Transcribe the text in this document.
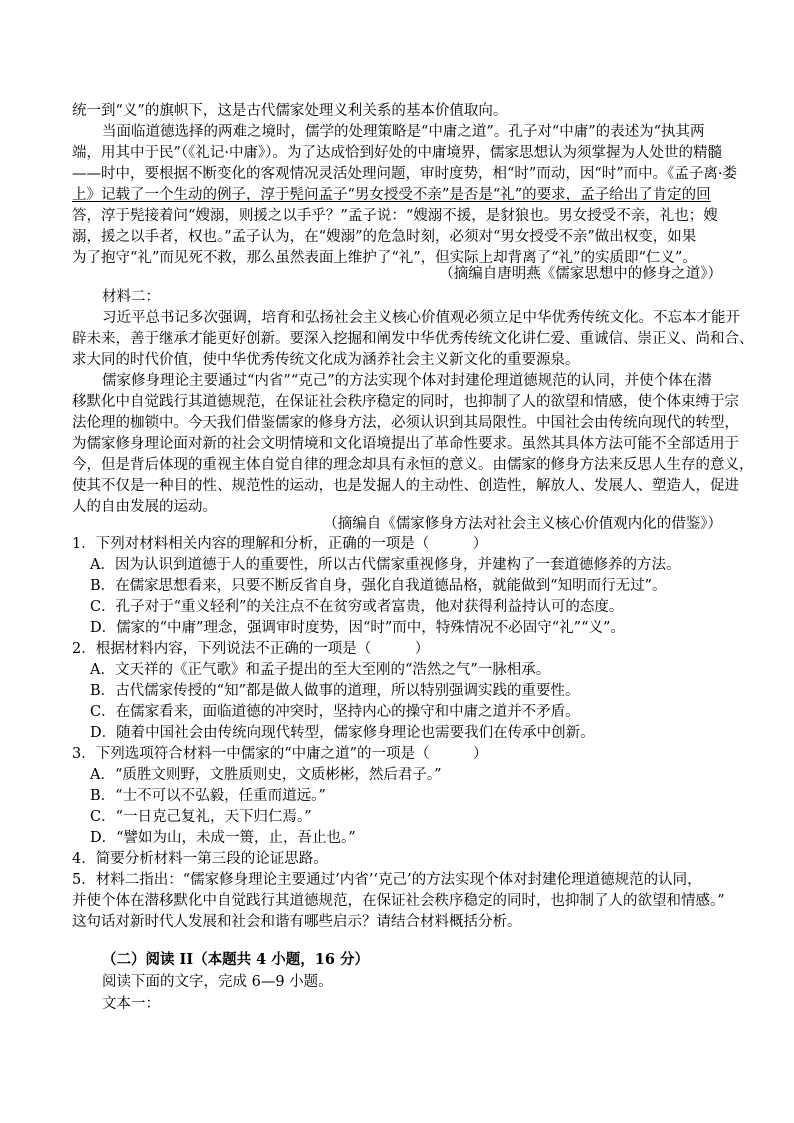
统一到“义”的旗帜下，这是古代儒家处理义利关系的基本价值取向。
当面临道德选择的两难之境时，儒学的处理策略是“中庸之道”。孔子对“中庸”的表述为“执其两
端，用其中于民”（《礼记·中庸》）。为了达成恰到好处的中庸境界，儒家思想认为须掌握为人处世的精髓
——时中，要根据不断变化的客观情况灵活处理问题，审时度势，相“时”而动，因“时”而中。《孟子离·娄
上》记载了一个生动的例子，淳于髡问孟子“男女授受不亲”是否是“礼”的要求，孟子给出了肯定的回
答，淳于髡接着问“嫂溺，则援之以手乎？”孟子说：“嫂溺不援，是豺狼也。男女授受不亲，礼也；嫂
溺，援之以手者，权也。”孟子认为，在“嫂溺”的危急时刻，必须对“男女授受不亲”做出权变，如果
为了抱守“礼”而见死不救，那么虽然表面上维护了“礼”，但实际上却背离了“礼”的实质即“仁义”。
（摘编自唐明燕《儒家思想中的修身之道》）
材料二：
习近平总书记多次强调，培育和弘扬社会主义核心价值观必须立足中华优秀传统文化。不忘本才能开
辟未来，善于继承才能更好创新。要深入挖掘和阐发中华优秀传统文化讲仁爱、重诚信、崇正义、尚和合、
求大同的时代价值，使中华优秀传统文化成为涵养社会主义新文化的重要源泉。
儒家修身理论主要通过“内省”“克己”的方法实现个体对封建伦理道德规范的认同，并使个体在潜
移默化中自觉践行其道德规范，在保证社会秩序稳定的同时，也抑制了人的欲望和情感，使个体束缚于宗
法伦理的枷锁中。今天我们借鉴儒家的修身方法，必须认识到其局限性。中国社会由传统向现代的转型，
为儒家修身理论面对新的社会文明情境和文化语境提出了革命性要求。虽然其具体方法可能不全部适用于
今，但是背后体现的重视主体自觉自律的理念却具有永恒的意义。由儒家的修身方法来反思人生存的意义，
使其不仅是一种目的性、规范性的运动，也是发掘人的主动性、创造性，解放人、发展人、塑造人，促进
人的自由发展的运动。
（摘编自《儒家修身方法对社会主义核心价值观内化的借鉴》）
1．下列对材料相关内容的理解和分析，正确的一项是（　　　）
A．因为认识到道德于人的重要性，所以古代儒家重视修身，并建构了一套道德修养的方法。
B．在儒家思想看来，只要不断反省自身，强化自我道德品格，就能做到“知明而行无过”。
C．孔子对于“重义轻利”的关注点不在贫穷或者富贵，他对获得利益持认可的态度。
D．儒家的“中庸”理念，强调审时度势，因“时”而中，特殊情况不必固守“礼”“义”。
2．根据材料内容，下列说法不正确的一项是（　　　）
A．文天祥的《正气歌》和孟子提出的至大至刚的“浩然之气”一脉相承。
B．古代儒家传授的“知”都是做人做事的道理，所以特别强调实践的重要性。
C．在儒家看来，面临道德的冲突时，坚持内心的操守和中庸之道并不矛盾。
D．随着中国社会由传统向现代转型，儒家修身理论也需要我们在传承中创新。
3．下列选项符合材料一中儒家的“中庸之道”的一项是（　　　）
A．“质胜文则野，文胜质则史，文质彬彬，然后君子。”
B．“士不可以不弘毅，任重而道远。”
C．“一日克己复礼，天下归仁焉。”
D．“譬如为山，未成一篑，止，吾止也。”
4．简要分析材料一第三段的论证思路。
5．材料二指出：“儒家修身理论主要通过‘内省’‘克己’的方法实现个体对封建伦理道德规范的认同，
并使个体在潜移默化中自觉践行其道德规范，在保证社会秩序稳定的同时，也抑制了人的欲望和情感。”
这句话对新时代人发展和社会和谐有哪些启示？请结合材料概括分析。
（二）阅读 II（本题共 4 小题，16 分）
阅读下面的文字，完成 6—9 小题。
文本一：
